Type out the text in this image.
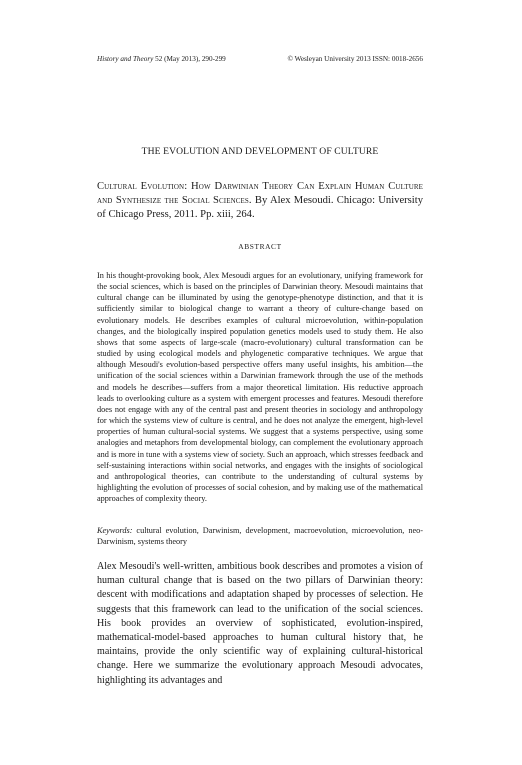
History and Theory 52 (May 2013), 290-299	© Wesleyan University 2013 ISSN: 0018-2656
THE EVOLUTION AND DEVELOPMENT OF CULTURE
Cultural Evolution: How Darwinian Theory Can Explain Human Culture and Synthesize the Social Sciences. By Alex Mesoudi. Chicago: University of Chicago Press, 2011. Pp. xiii, 264.
ABSTRACT
In his thought-provoking book, Alex Mesoudi argues for an evolutionary, unifying framework for the social sciences, which is based on the principles of Darwinian theory. Mesoudi maintains that cultural change can be illuminated by using the genotype-phenotype distinction, and that it is sufficiently similar to biological change to warrant a theory of culture-change based on evolutionary models. He describes examples of cultural microevolution, within-population changes, and the biologically inspired population genetics models used to study them. He also shows that some aspects of large-scale (macro-evolutionary) cultural transformation can be studied by using ecological models and phylogenetic comparative techniques. We argue that although Mesoudi's evolution-based perspective offers many useful insights, his ambition—the unification of the social sciences within a Darwinian framework through the use of the methods and models he describes—suffers from a major theoretical limitation. His reductive approach leads to overlooking culture as a system with emergent processes and features. Mesoudi therefore does not engage with any of the central past and present theories in sociology and anthropology for which the systems view of culture is central, and he does not analyze the emergent, high-level properties of human cultural-social systems. We suggest that a systems perspective, using some analogies and metaphors from developmental biology, can complement the evolutionary approach and is more in tune with a systems view of society. Such an approach, which stresses feedback and self-sustaining interactions within social networks, and engages with the insights of sociological and anthropological theories, can contribute to the understanding of cultural systems by highlighting the evolution of processes of social cohesion, and by making use of the mathematical approaches of complexity theory.
Keywords: cultural evolution, Darwinism, development, macroevolution, microevolution, neo-Darwinism, systems theory

Alex Mesoudi's well-written, ambitious book describes and promotes a vision of human cultural change that is based on the two pillars of Darwinian theory: descent with modifications and adaptation shaped by processes of selection. He suggests that this framework can lead to the unification of the social sciences. His book provides an overview of sophisticated, evolution-inspired, mathematical-model-based approaches to human cultural history that, he maintains, provide the only scientific way of explaining cultural-historical change. Here we summarize the evolutionary approach Mesoudi advocates, highlighting its advantages and
